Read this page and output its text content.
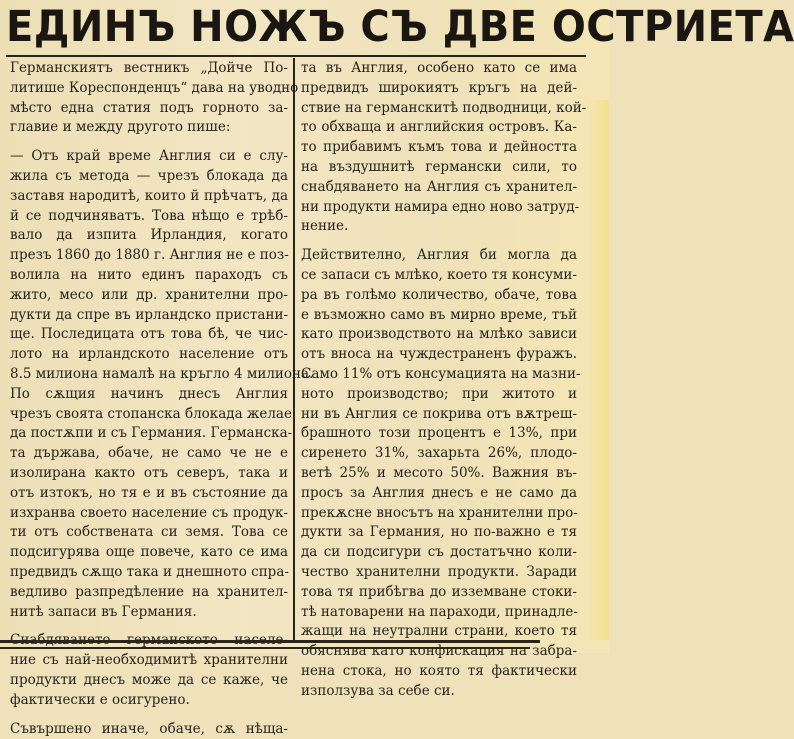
ЕДИНЪ НОЖЪ СЪ ДВЕ ОСТРИЕТА
Германскиятъ вестникъ „Дойче По-
литише Кореспонденцъ“ дава на уводно
мѣсто една статия подъ горното за-
главие и между другото пише:
— Отъ край време Англия си е слу-
жила съ метода — чрезъ блокада да
заставя народитѣ, които й прѣчатъ, да
й се подчиняватъ. Това нѣщо е трѣб-
вало да изпита Ирландия, когато
презъ 1860 до 1880 г. Англия не е поз-
волила на нито единъ параходъ съ
жито, месо или др. хранителни про-
дукти да спре въ ирландско пристани-
ще. Последицата отъ това бѣ, че чис-
лото на ирландското население отъ
8.5 милиона намалѣ на кръгло 4 милиона.
По сѫщия начинъ днесъ Англия
чрезъ своята стопанска блокада желае
да постѫпи и съ Германия. Германска-
та държава, обаче, не само че не е
изолирана както отъ северъ, така и
отъ изтокъ, но тя е и въ състояние да
изхранва своето население съ продук-
ти отъ собствената си земя. Това се
подсигурява още повече, като се има
предвидъ сѫщо така и днешното спра-
ведливо разпредѣление на хранител-
нитѣ запаси въ Германия.
Снабдяването германското населе-
ние съ най-необходимитѣ хранителни
продукти днесъ може да се каже, че
фактически е осигурено.
Съвършено иначе, обаче, сѫ нѣща-
та въ Англия, особено като се има
предвидъ широкиятъ кръгъ на дей-
ствие на германскитѣ подводници, кой-
то обхваща и английския островъ. Ка-
то прибавимъ къмъ това и дейността
на въздушнитѣ германски сили, то
снабдяването на Англия съ хранител-
ни продукти намира едно ново затруд-
нение.
Действително, Англия би могла да
се запаси съ млѣко, което тя консуми-
ра въ голѣмо количество, обаче, това
е възможно само въ мирно време, тъй
като производството на млѣко зависи
отъ вноса на чуждестраненъ фуражъ.
Само 11% отъ консумацията на мазни-
ното производство; при житото и
ни въ Англия се покрива отъ вѫтреш-
брашното този процентъ е 13%, при
сиренето 31%, захарьта 26%, плодо-
ветѣ 25% и месото 50%. Важния въ-
просъ за Англия днесъ е не само да
прекѫсне вносътъ на хранителни про-
дукти за Германия, но по-важно е тя
да си подсигури съ достатъчно коли-
чество хранителни продукти. Заради
това тя прибѣгва до изземване стоки-
тѣ натоварени на параходи, принадле-
жащи на неутрални страни, което тя
обяснява като конфискация на забра-
нена стока, но която тя фактически
използува за себе си.
